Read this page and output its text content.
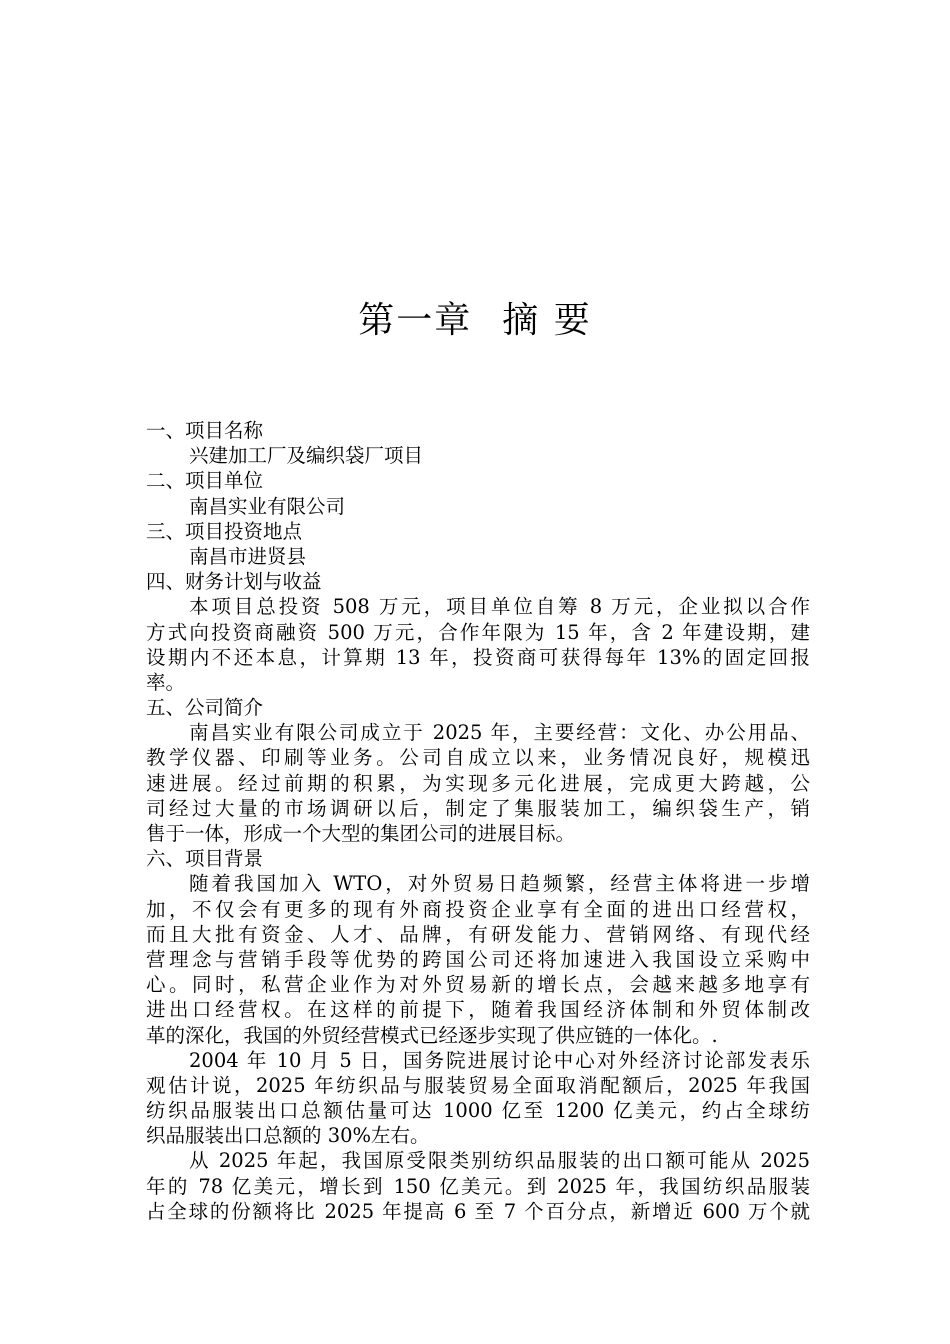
第一章 摘 要
一、项目名称
兴建加工厂及编织袋厂项目
二、项目单位
南昌实业有限公司
三、项目投资地点
南昌市进贤县
四、财务计划与收益
本项目总投资 508 万元，项目单位自筹 8 万元，企业拟以合作
方式向投资商融资 500 万元，合作年限为 15 年，含 2 年建设期，建
设期内不还本息，计算期 13 年，投资商可获得每年 13%的固定回报
率。
五、公司简介
南昌实业有限公司成立于 2025 年，主要经营：文化、办公用品、
教学仪器、印刷等业务。公司自成立以来，业务情况良好，规模迅
速进展。经过前期的积累，为实现多元化进展，完成更大跨越，公
司经过大量的市场调研以后，制定了集服装加工，编织袋生产，销
售于一体，形成一个大型的集团公司的进展目标。
六、项目背景
随着我国加入 WTO，对外贸易日趋频繁，经营主体将进一步增
加，不仅会有更多的现有外商投资企业享有全面的进出口经营权，
而且大批有资金、人才、品牌，有研发能力、营销网络、有现代经
营理念与营销手段等优势的跨国公司还将加速进入我国设立采购中
心。同时，私营企业作为对外贸易新的增长点，会越来越多地享有
进出口经营权。在这样的前提下，随着我国经济体制和外贸体制改
革的深化，我国的外贸经营模式已经逐步实现了供应链的一体化。.
2004 年 10 月 5 日，国务院进展讨论中心对外经济讨论部发表乐
观估计说，2025 年纺织品与服装贸易全面取消配额后，2025 年我国
纺织品服装出口总额估量可达 1000 亿至 1200 亿美元，约占全球纺
织品服装出口总额的 30%左右。
从 2025 年起，我国原受限类别纺织品服装的出口额可能从 2025
年的 78 亿美元，增长到 150 亿美元。到 2025 年，我国纺织品服装
占全球的份额将比 2025 年提高 6 至 7 个百分点，新增近 600 万个就
